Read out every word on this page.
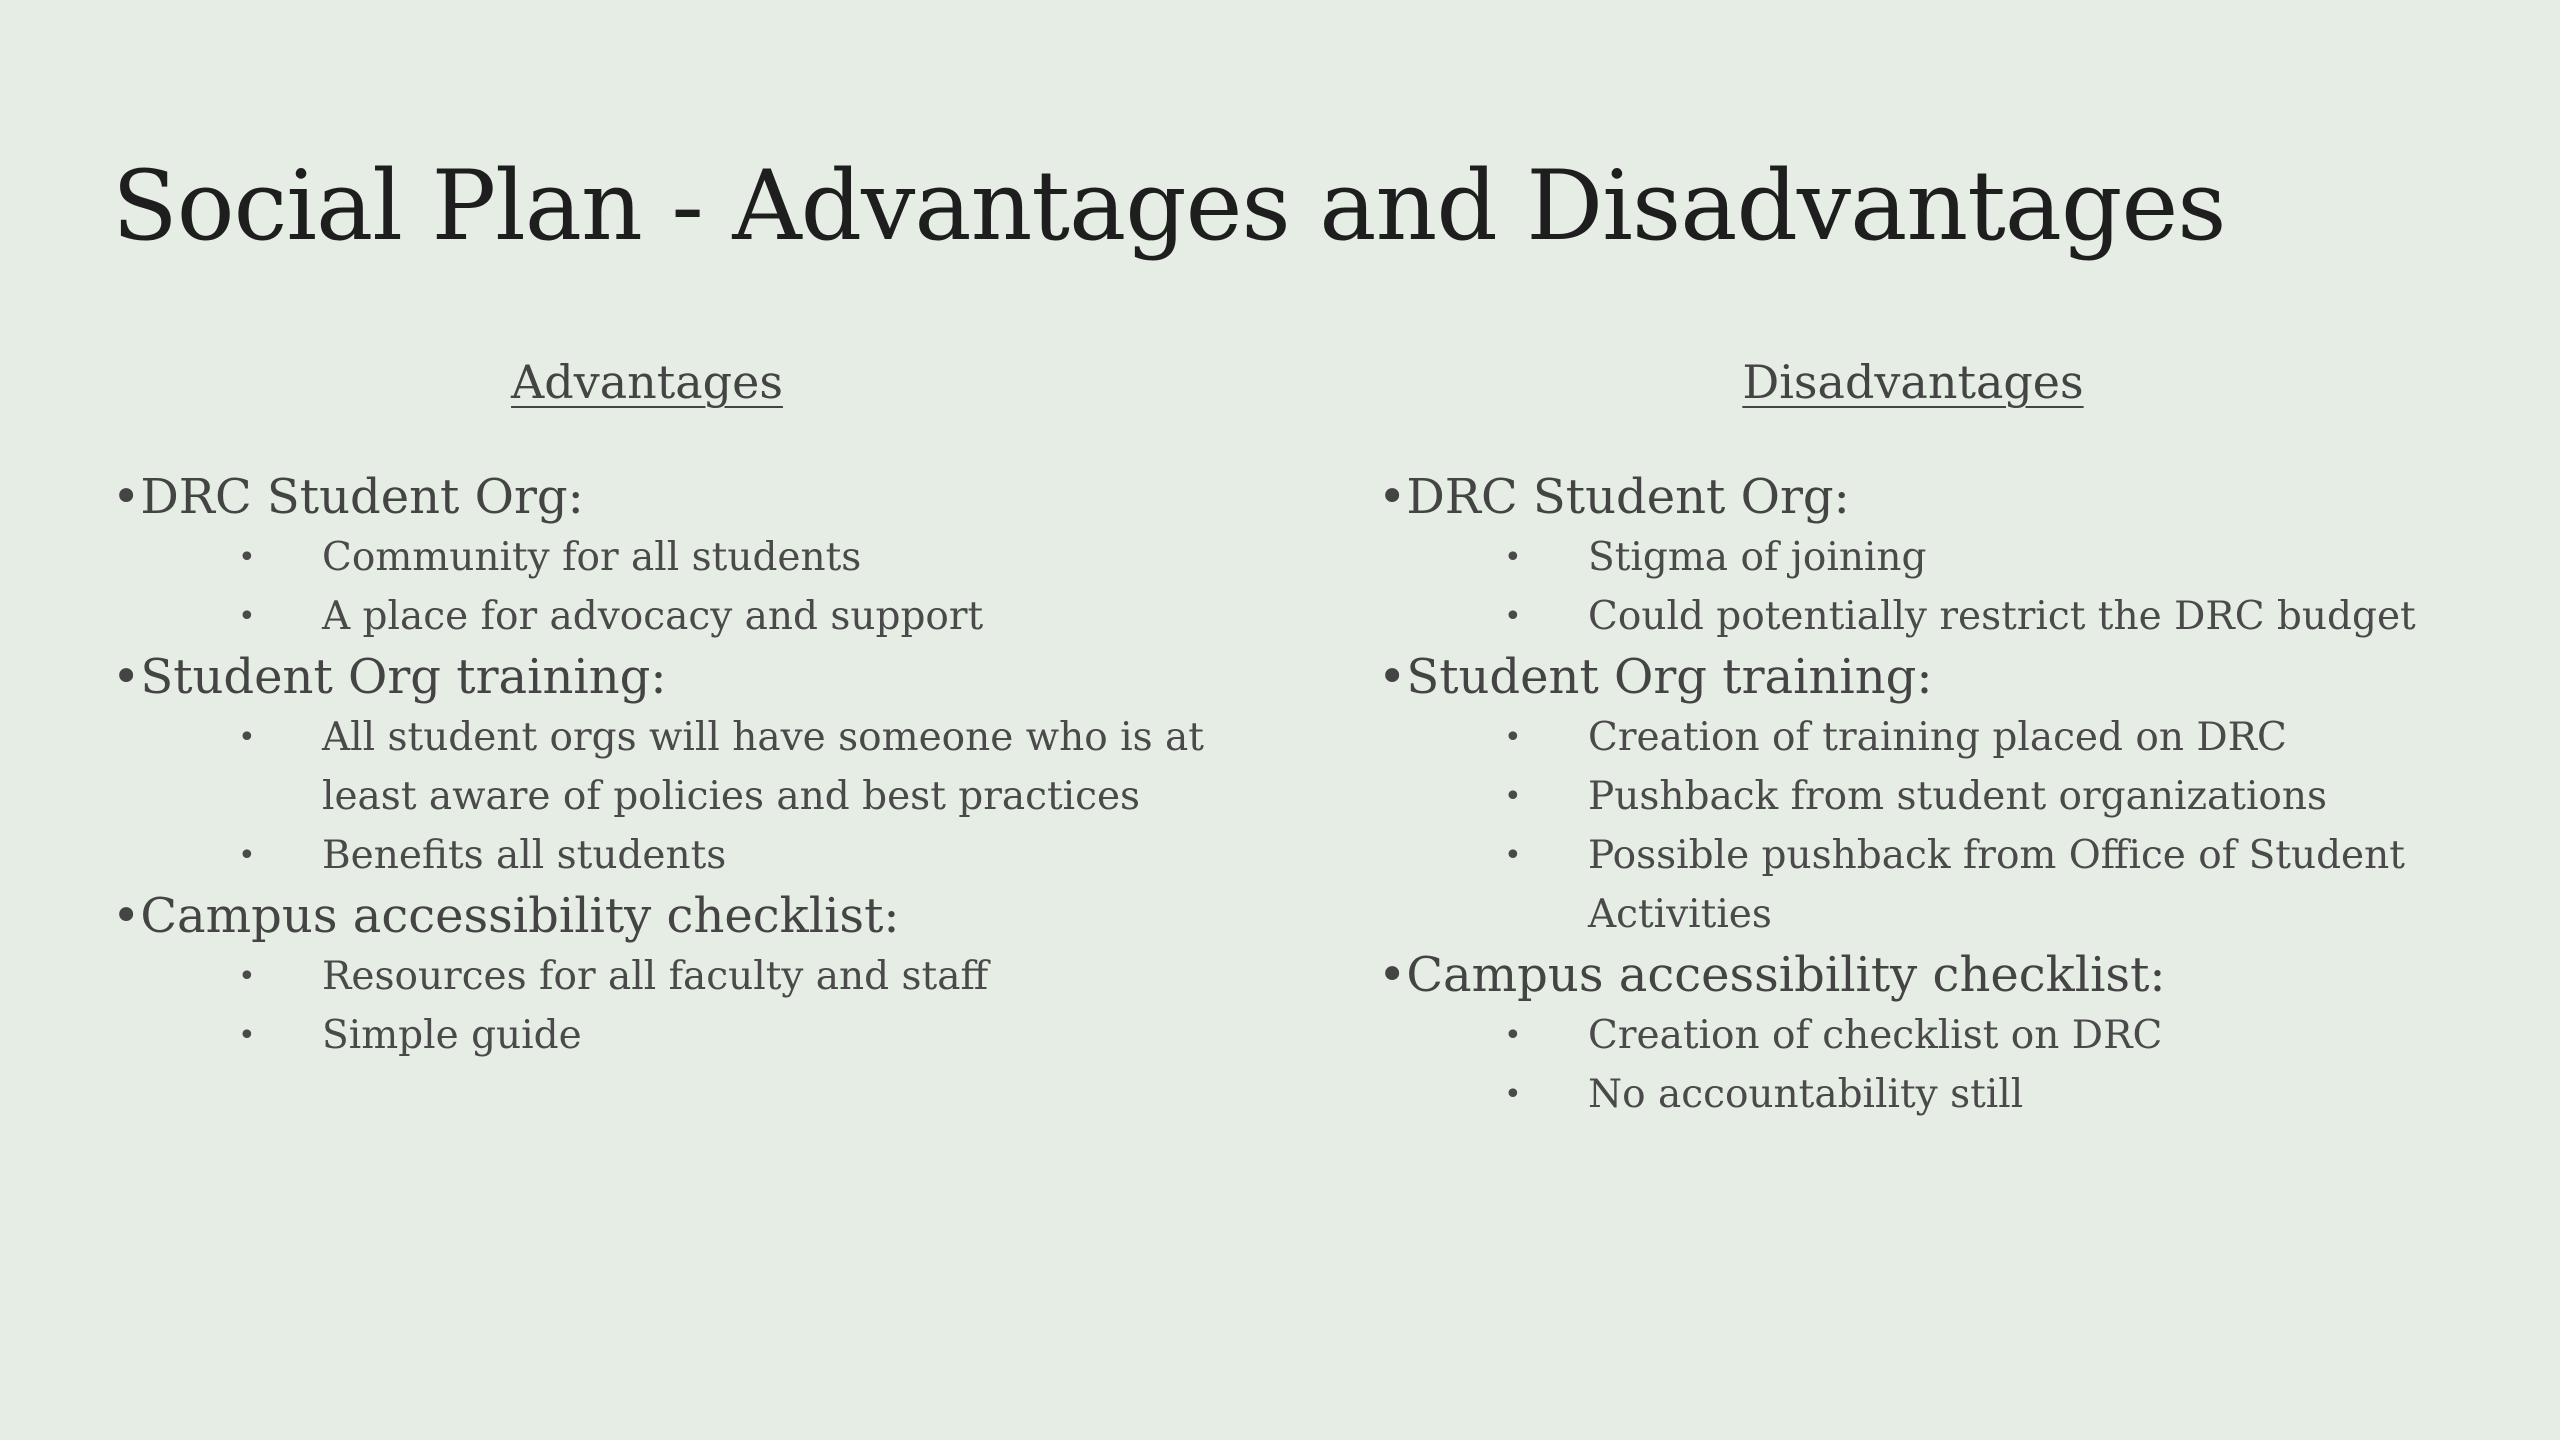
Social Plan - Advantages and Disadvantages
Advantages
•DRC Student Org:
• Community for all students
• A place for advocacy and support
•Student Org training:
• All student orgs will have someone who is at least aware of policies and best practices
• Benefits all students
•Campus accessibility checklist:
• Resources for all faculty and staff
• Simple guide
Disadvantages
•DRC Student Org:
• Stigma of joining
• Could potentially restrict the DRC budget
•Student Org training:
• Creation of training placed on DRC
• Pushback from student organizations
• Possible pushback from Office of Student Activities
•Campus accessibility checklist:
• Creation of checklist on DRC
• No accountability still
